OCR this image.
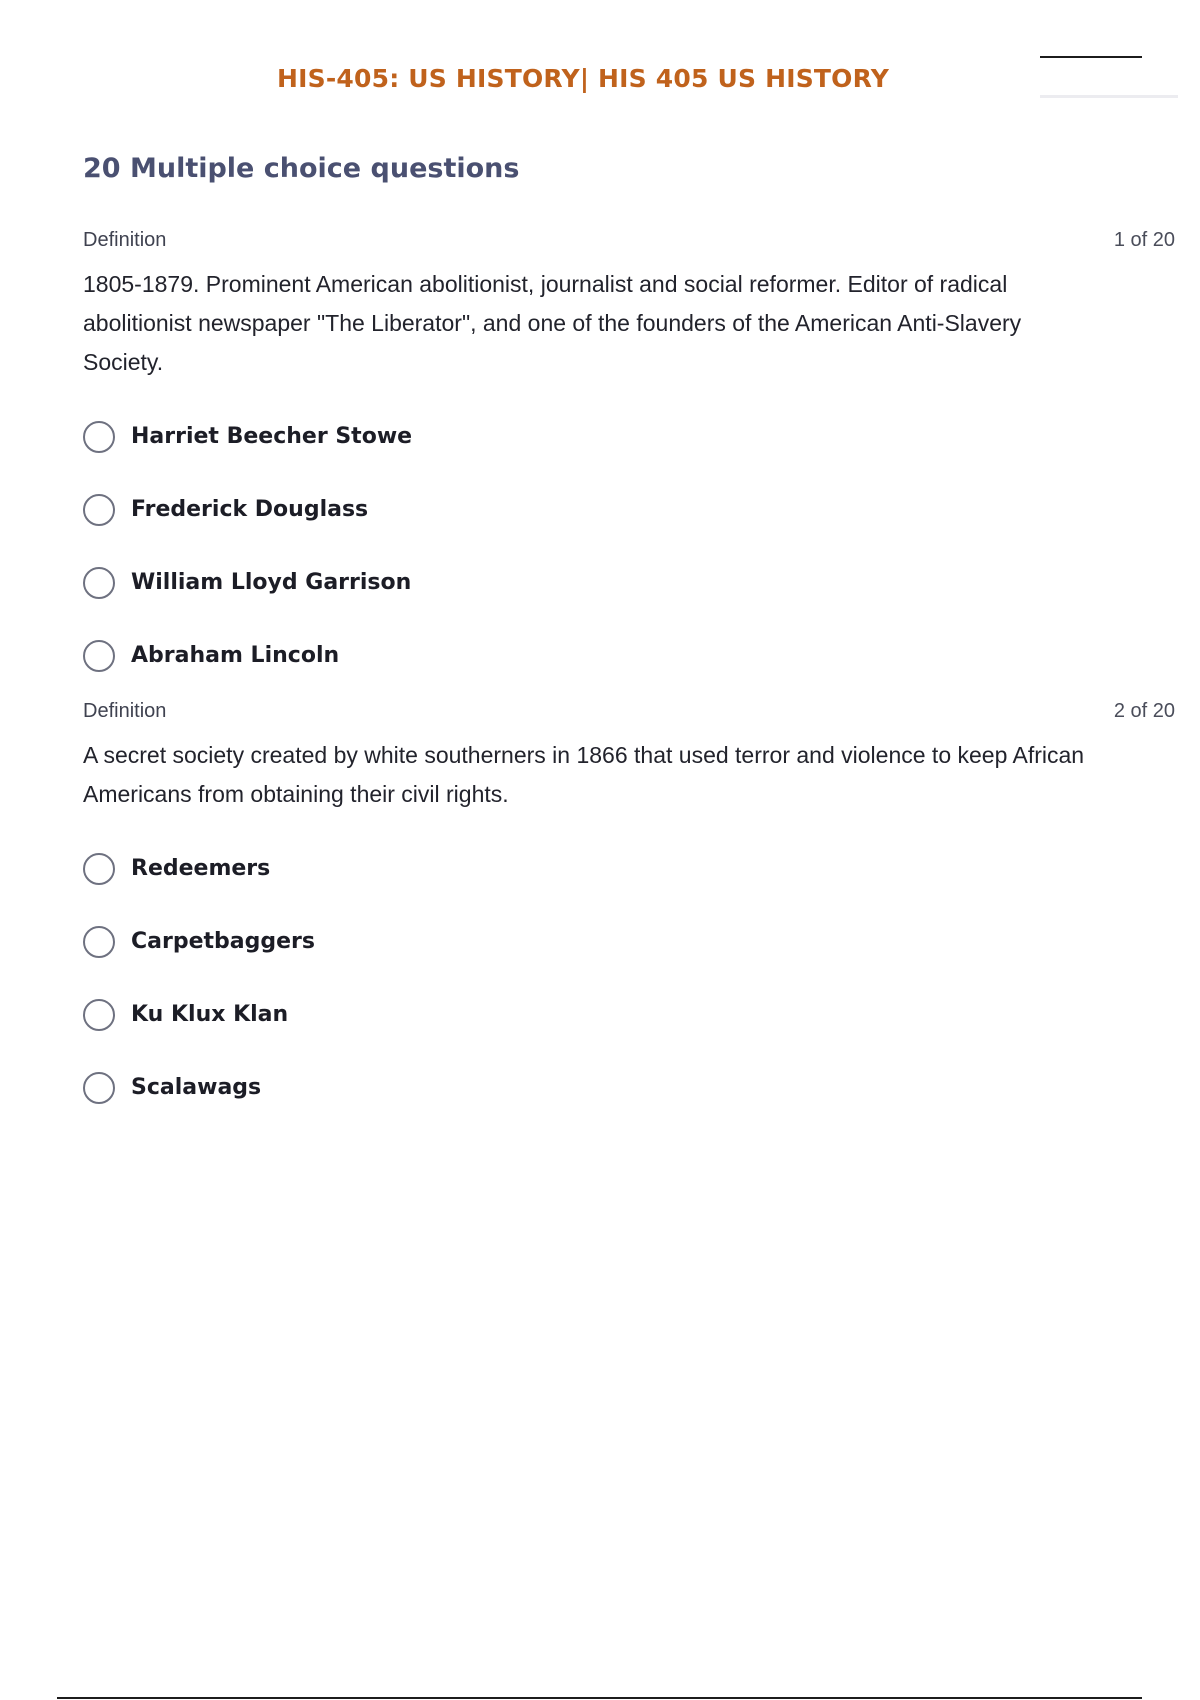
HIS-405: US HISTORY| HIS 405 US HISTORY
20 Multiple choice questions
Definition	1 of 20
1805-1879. Prominent American abolitionist, journalist and social reformer. Editor of radical abolitionist newspaper "The Liberator", and one of the founders of the American Anti-Slavery Society.
Harriet Beecher Stowe
Frederick Douglass
William Lloyd Garrison
Abraham Lincoln
Definition	2 of 20
A secret society created by white southerners in 1866 that used terror and violence to keep African Americans from obtaining their civil rights.
Redeemers
Carpetbaggers
Ku Klux Klan
Scalawags
